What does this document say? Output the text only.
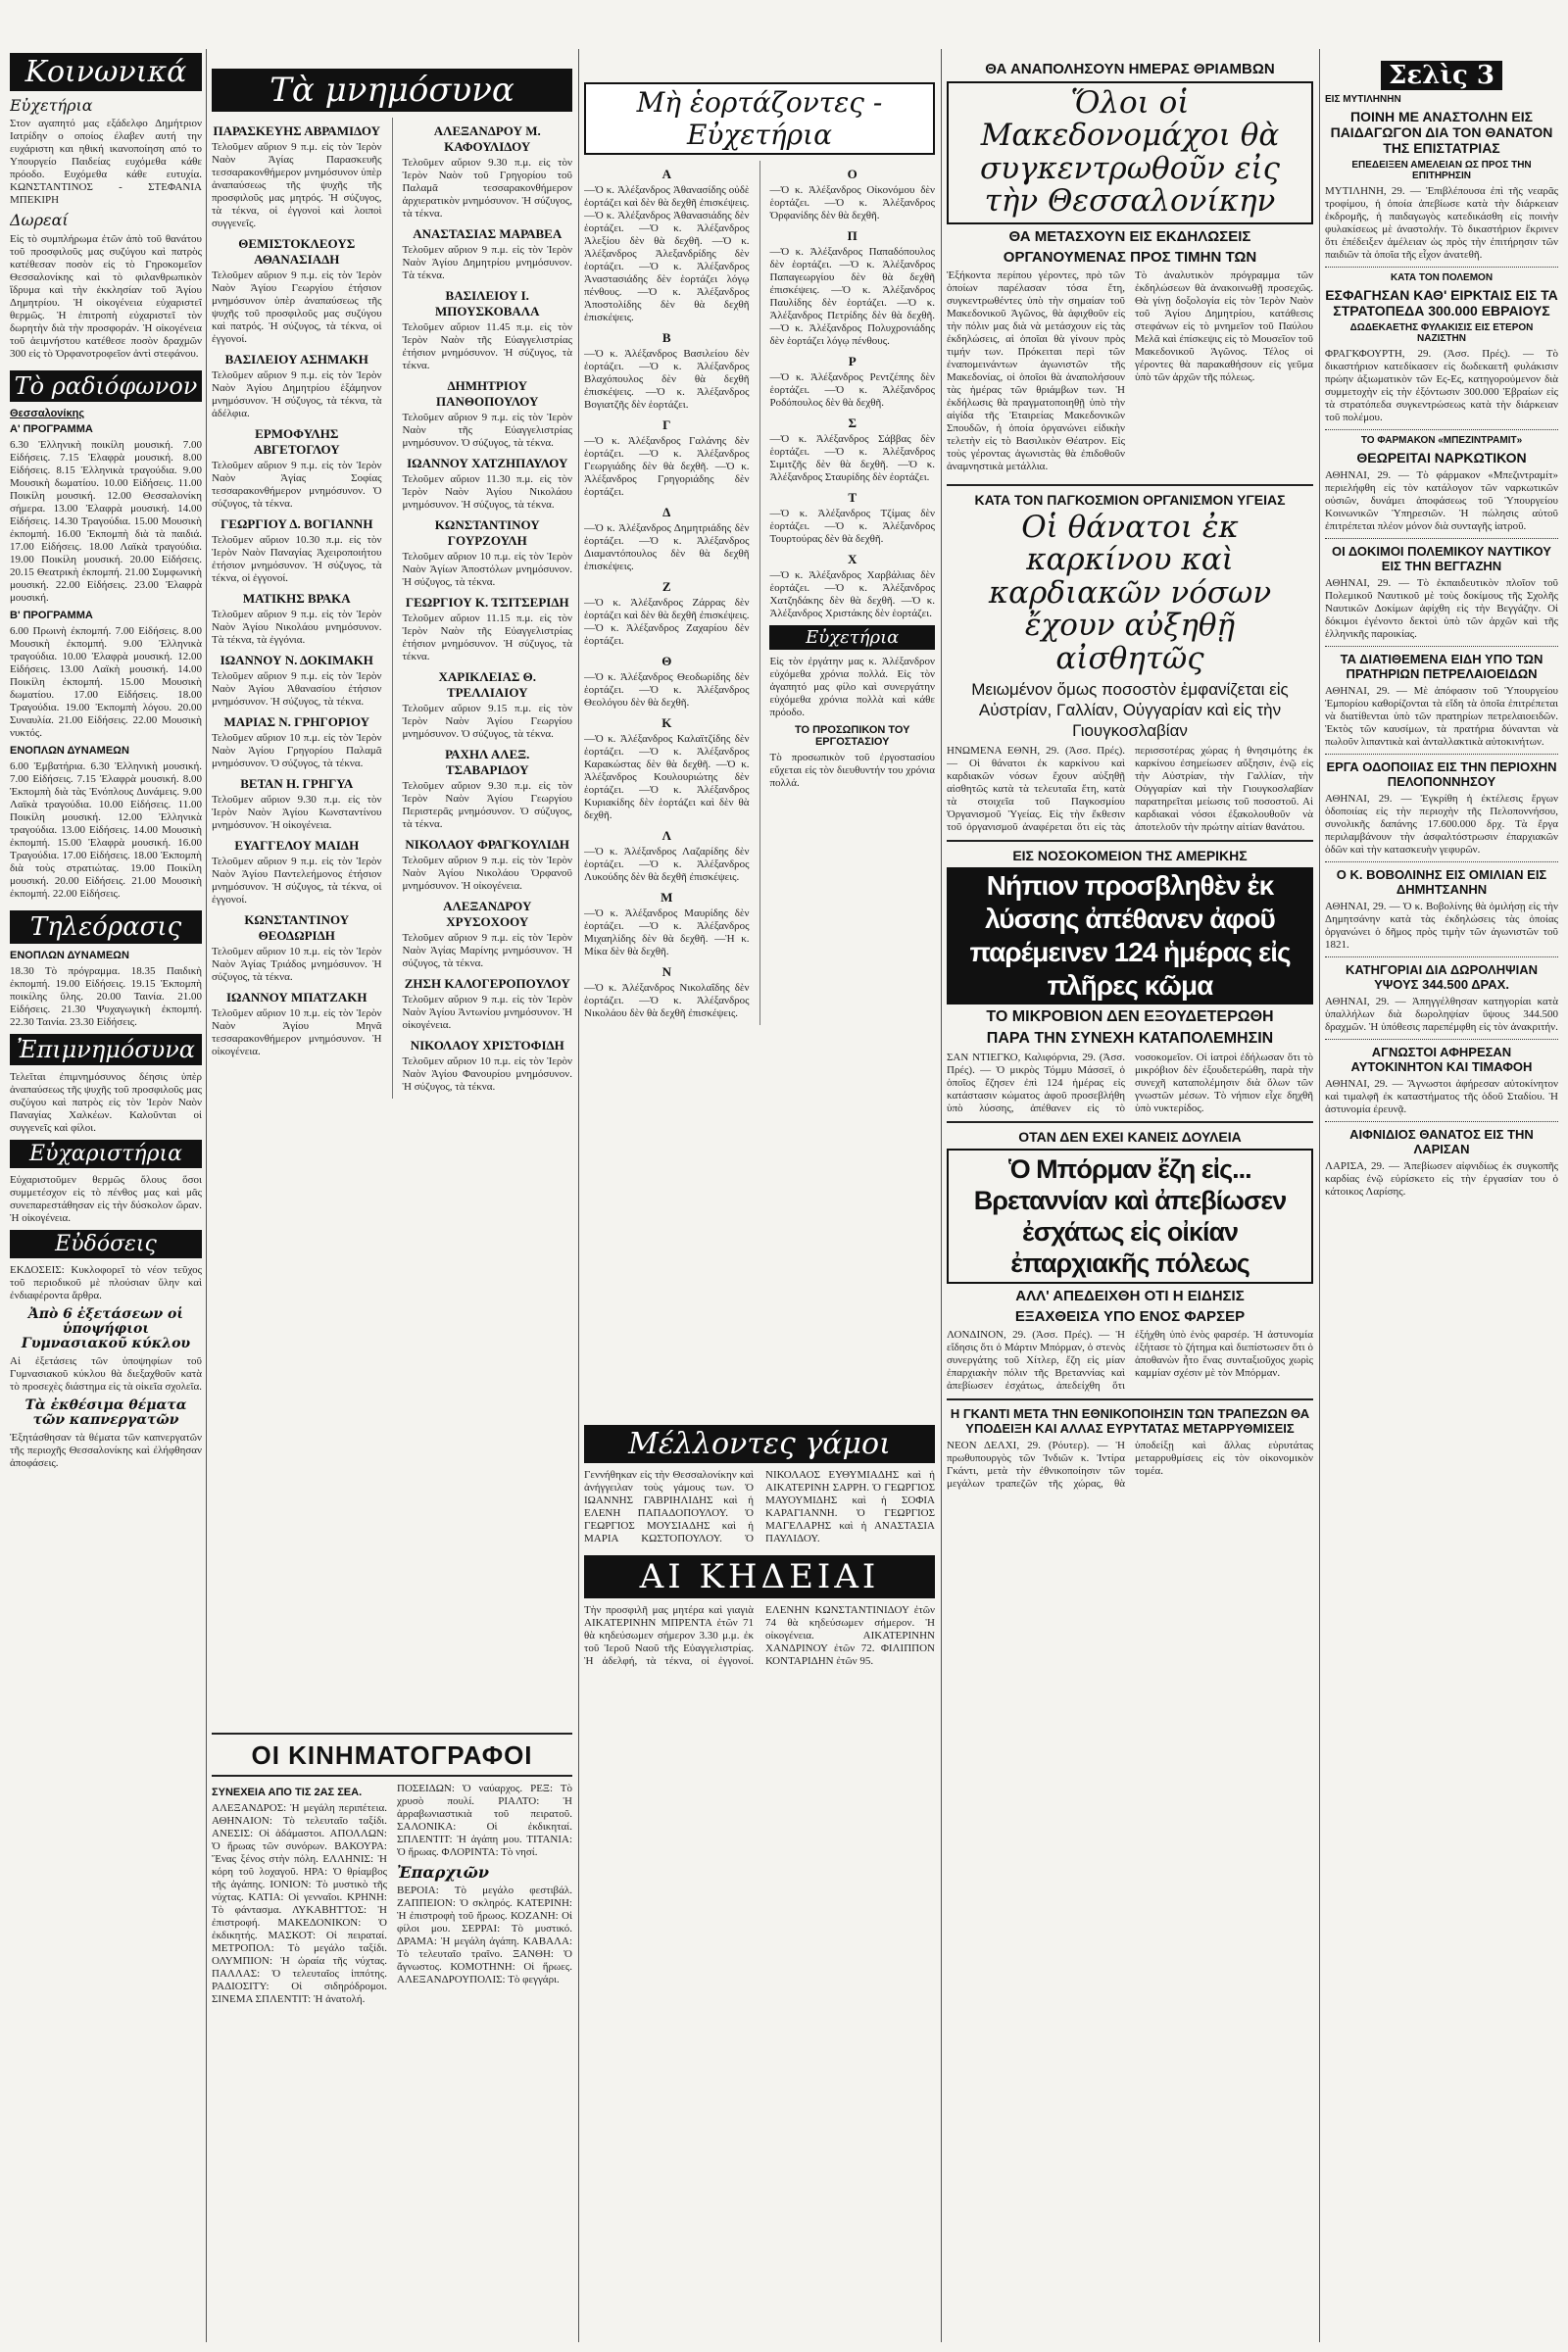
Κοινωνικά
Εὐχετήρια

Στον αγαπητό μας εξάδελφο Δημήτριον Ιατρίδην ο οποίος έλαβεν αυτή την ευχάριστη και ηθική ικανοποίηση από το Υπουργείο Παιδείας ευχόμεθα κάθε πρόοδο. Ευχόμεθα κάθε ευτυχία. ΚΩΝΣΤΑΝΤΙΝΟΣ - ΣΤΕΦΑΝΙΑ ΜΠΕΚΙΡΗ

Δωρεαί

Εἰς τὸ συμπλήρωμα ἐτῶν ἀπὸ τοῦ θανάτου τοῦ προσφιλοῦς μας συζύγου καὶ πατρὸς κατέθεσαν ποσὸν εἰς τὸ Γηροκομεῖον Θεσσαλονίκης καὶ τὸ φιλανθρωπικὸν ἵδρυμα καὶ τὴν ἐκκλησίαν τοῦ Ἁγίου Δημητρίου. Ἡ οἰκογένεια εὐχαριστεῖ θερμῶς. Ἡ ἐπιτροπὴ εὐχαριστεῖ τὸν δωρητὴν διὰ τὴν προσφοράν. Ἡ οἰκογένεια τοῦ ἀειμνήστου κατέθεσε ποσὸν δραχμῶν 300 εἰς τὸ Ὀρφανοτροφεῖον ἀντὶ στεφάνου.

Τὸ ραδιόφωνον
Θεσσαλονίκης
Α' ΠΡΟΓΡΑΜΜΑ

6.30 Ἑλληνικὴ ποικίλη μουσική. 7.00 Εἰδήσεις. 7.15 Ἐλαφρὰ μουσική. 8.00 Εἰδήσεις. 8.15 Ἑλληνικὰ τραγούδια. 9.00 Μουσικὴ δωματίου. 10.00 Εἰδήσεις. 11.00 Ποικίλη μουσική. 12.00 Θεσσαλονίκη σήμερα. 13.00 Ἐλαφρὰ μουσική. 14.00 Εἰδήσεις. 14.30 Τραγούδια. 15.00 Μουσικὴ ἐκπομπή. 16.00 Ἐκπομπὴ διὰ τὰ παιδιά. 17.00 Εἰδήσεις. 18.00 Λαϊκὰ τραγούδια. 19.00 Ποικίλη μουσική. 20.00 Εἰδήσεις. 20.15 Θεατρικὴ ἐκπομπή. 21.00 Συμφωνικὴ μουσική. 22.00 Εἰδήσεις. 23.00 Ἐλαφρὰ μουσική.

Β' ΠΡΟΓΡΑΜΜΑ

6.00 Πρωινὴ ἐκπομπή. 7.00 Εἰδήσεις. 8.00 Μουσικὴ ἐκπομπή. 9.00 Ἑλληνικὰ τραγούδια. 10.00 Ἐλαφρὰ μουσική. 12.00 Εἰδήσεις. 13.00 Λαϊκὴ μουσική. 14.00 Ποικίλη ἐκπομπή. 15.00 Μουσικὴ δωματίου. 17.00 Εἰδήσεις. 18.00 Τραγούδια. 19.00 Ἐκπομπὴ λόγου. 20.00 Συναυλία. 21.00 Εἰδήσεις. 22.00 Μουσικὴ νυκτός.

ΕΝΟΠΛΩΝ ΔΥΝΑΜΕΩΝ

6.00 Ἐμβατήρια. 6.30 Ἑλληνικὴ μουσική. 7.00 Εἰδήσεις. 7.15 Ἐλαφρὰ μουσική. 8.00 Ἐκπομπὴ διὰ τὰς Ἐνόπλους Δυνάμεις. 9.00 Λαϊκὰ τραγούδια. 10.00 Εἰδήσεις. 11.00 Ποικίλη μουσική. 12.00 Ἑλληνικὰ τραγούδια. 13.00 Εἰδήσεις. 14.00 Μουσικὴ ἐκπομπή. 15.00 Ἐλαφρὰ μουσική. 16.00 Τραγούδια. 17.00 Εἰδήσεις. 18.00 Ἐκπομπὴ διὰ τοὺς στρατιώτας. 19.00 Ποικίλη μουσική. 20.00 Εἰδήσεις. 21.00 Μουσικὴ ἐκπομπή. 22.00 Εἰδήσεις.

Τηλεόρασις
ΕΝΟΠΛΩΝ ΔΥΝΑΜΕΩΝ

18.30 Τὸ πρόγραμμα. 18.35 Παιδικὴ ἐκπομπή. 19.00 Εἰδήσεις. 19.15 Ἐκπομπὴ ποικίλης ὕλης. 20.00 Ταινία. 21.00 Εἰδήσεις. 21.30 Ψυχαγωγικὴ ἐκπομπή. 22.30 Ταινία. 23.30 Εἰδήσεις.

Ἐπιμνημόσυνα

Τελεῖται ἐπιμνημόσυνος δέησις ὑπὲρ ἀναπαύσεως τῆς ψυχῆς τοῦ προσφιλοῦς μας συζύγου καὶ πατρὸς εἰς τὸν Ἱερὸν Ναὸν Παναγίας Χαλκέων. Καλοῦνται οἱ συγγενεῖς καὶ φίλοι.

Εὐχαριστήρια

Εὐχαριστοῦμεν θερμῶς ὅλους ὅσοι συμμετέσχον εἰς τὸ πένθος μας καὶ μᾶς συνεπαρεστάθησαν εἰς τὴν δύσκολον ὥραν. Ἡ οἰκογένεια.

Εὐδόσεις

ΕΚΔΟΣΕΙΣ: Κυκλοφορεῖ τὸ νέον τεῦχος τοῦ περιοδικοῦ μὲ πλούσιαν ὕλην καὶ ἐνδιαφέροντα ἄρθρα.

Ἀπὸ 6 ἐξετάσεων οἱ ὑποψήφιοι Γυμνασιακοῦ κύκλου

Αἱ ἐξετάσεις τῶν ὑποψηφίων τοῦ Γυμνασιακοῦ κύκλου θὰ διεξαχθοῦν κατὰ τὸ προσεχὲς διάστημα εἰς τὰ οἰκεῖα σχολεῖα.

Τὰ ἐκθέσιμα θέματα τῶν καπνεργατῶν

Ἐξητάσθησαν τὰ θέματα τῶν καπνεργατῶν τῆς περιοχῆς Θεσσαλονίκης καὶ ἐλήφθησαν ἀποφάσεις.

Τὰ μνημόσυνα
ΠΑΡΑΣΚΕΥΗΣ ΑΒΡΑΜΙΔΟΥ

Τελοῦμεν αὔριον 9 π.μ. εἰς τὸν Ἱερὸν Ναὸν Ἁγίας Παρασκευῆς τεσσαρακονθήμερον μνημόσυνον ὑπὲρ ἀναπαύσεως τῆς ψυχῆς τῆς προσφιλοῦς μας μητρός. Ἡ σύζυγος, τὰ τέκνα, οἱ ἐγγονοὶ καὶ λοιποὶ συγγενεῖς.

ΘΕΜΙΣΤΟΚΛΕΟΥΣ ΑΘΑΝΑΣΙΑΔΗ

Τελοῦμεν αὔριον 9 π.μ. εἰς τὸν Ἱερὸν Ναὸν Ἁγίου Γεωργίου ἐτήσιον μνημόσυνον ὑπὲρ ἀναπαύσεως τῆς ψυχῆς τοῦ προσφιλοῦς μας συζύγου καὶ πατρός. Ἡ σύζυγος, τὰ τέκνα, οἱ ἐγγονοί.

ΒΑΣΙΛΕΙΟΥ ΑΣΗΜΑΚΗ

Τελοῦμεν αὔριον 9 π.μ. εἰς τὸν Ἱερὸν Ναὸν Ἁγίου Δημητρίου ἑξάμηνον μνημόσυνον. Ἡ σύζυγος, τὰ τέκνα, τὰ ἀδέλφια.

ΕΡΜΟΦΥΛΗΣ ΑΒΓΕΤΟΓΛΟΥ

Τελοῦμεν αὔριον 9 π.μ. εἰς τὸν Ἱερὸν Ναὸν Ἁγίας Σοφίας τεσσαρακονθήμερον μνημόσυνον. Ὁ σύζυγος, τὰ τέκνα.

ΓΕΩΡΓΙΟΥ Δ. ΒΟΓΙΑΝΝΗ

Τελοῦμεν αὔριον 10.30 π.μ. εἰς τὸν Ἱερὸν Ναὸν Παναγίας Ἀχειροποιήτου ἐτήσιον μνημόσυνον. Ἡ σύζυγος, τὰ τέκνα, οἱ ἐγγονοί.

ΜΑΤΙΚΗΣ ΒΡΑΚΑ

Τελοῦμεν αὔριον 9 π.μ. εἰς τὸν Ἱερὸν Ναὸν Ἁγίου Νικολάου μνημόσυνον. Τὰ τέκνα, τὰ ἐγγόνια.

ΙΩΑΝΝΟΥ Ν. ΔΟΚΙΜΑΚΗ

Τελοῦμεν αὔριον 9 π.μ. εἰς τὸν Ἱερὸν Ναὸν Ἁγίου Ἀθανασίου ἐτήσιον μνημόσυνον. Ἡ σύζυγος, τὰ τέκνα.

ΜΑΡΙΑΣ Ν. ΓΡΗΓΟΡΙΟΥ

Τελοῦμεν αὔριον 10 π.μ. εἰς τὸν Ἱερὸν Ναὸν Ἁγίου Γρηγορίου Παλαμᾶ μνημόσυνον. Ὁ σύζυγος, τὰ τέκνα.

ΒΕΤΑΝ Η. ΓΡΗΓΥΑ

Τελοῦμεν αὔριον 9.30 π.μ. εἰς τὸν Ἱερὸν Ναὸν Ἁγίου Κωνσταντίνου μνημόσυνον. Ἡ οἰκογένεια.

ΕΥΑΓΓΕΛΟΥ ΜΑΙΔΗ

Τελοῦμεν αὔριον 9 π.μ. εἰς τὸν Ἱερὸν Ναὸν Ἁγίου Παντελεήμονος ἐτήσιον μνημόσυνον. Ἡ σύζυγος, τὰ τέκνα, οἱ ἐγγονοί.

ΚΩΝΣΤΑΝΤΙΝΟΥ ΘΕΟΔΩΡΙΔΗ

Τελοῦμεν αὔριον 10 π.μ. εἰς τὸν Ἱερὸν Ναὸν Ἁγίας Τριάδος μνημόσυνον. Ἡ σύζυγος, τὰ τέκνα.

ΙΩΑΝΝΟΥ ΜΠΑΤΖΑΚΗ

Τελοῦμεν αὔριον 10 π.μ. εἰς τὸν Ἱερὸν Ναὸν Ἁγίου Μηνᾶ τεσσαρακονθήμερον μνημόσυνον. Ἡ οἰκογένεια.

ΑΛΕΞΑΝΔΡΟΥ Μ. ΚΑΦΟΥΛΙΔΟΥ

Τελοῦμεν αὔριον 9.30 π.μ. εἰς τὸν Ἱερὸν Ναὸν τοῦ Γρηγορίου τοῦ Παλαμᾶ τεσσαρακονθήμερον ἀρχιερατικὸν μνημόσυνον. Ἡ σύζυγος, τὰ τέκνα.

ΑΝΑΣΤΑΣΙΑΣ ΜΑΡΑΒΕΑ

Τελοῦμεν αὔριον 9 π.μ. εἰς τὸν Ἱερὸν Ναὸν Ἁγίου Δημητρίου μνημόσυνον. Τὰ τέκνα.

ΒΑΣΙΛΕΙΟΥ Ι. ΜΠΟΥΣΚΟΒΑΛΑ

Τελοῦμεν αὔριον 11.45 π.μ. εἰς τὸν Ἱερὸν Ναὸν τῆς Εὐαγγελιστρίας ἐτήσιον μνημόσυνον. Ἡ σύζυγος, τὰ τέκνα.

ΔΗΜΗΤΡΙΟΥ ΠΑΝΘΟΠΟΥΛΟΥ

Τελοῦμεν αὔριον 9 π.μ. εἰς τὸν Ἱερὸν Ναὸν τῆς Εὐαγγελιστρίας μνημόσυνον. Ὁ σύζυγος, τὰ τέκνα.

ΙΩΑΝΝΟΥ ΧΑΤΖΗΠΑΥΛΟΥ

Τελοῦμεν αὔριον 11.30 π.μ. εἰς τὸν Ἱερὸν Ναὸν Ἁγίου Νικολάου μνημόσυνον. Ἡ σύζυγος, τὰ τέκνα.

ΚΩΝΣΤΑΝΤΙΝΟΥ ΓΟΥΡΖΟΥΛΗ

Τελοῦμεν αὔριον 10 π.μ. εἰς τὸν Ἱερὸν Ναὸν Ἁγίων Ἀποστόλων μνημόσυνον. Ἡ σύζυγος, τὰ τέκνα.

ΓΕΩΡΓΙΟΥ Κ. ΤΣΙΤΣΕΡΙΔΗ

Τελοῦμεν αὔριον 11.15 π.μ. εἰς τὸν Ἱερὸν Ναὸν τῆς Εὐαγγελιστρίας ἐτήσιον μνημόσυνον. Ἡ σύζυγος, τὰ τέκνα.

ΧΑΡΙΚΛΕΙΑΣ Θ. ΤΡΕΛΛΙΑΙΟΥ

Τελοῦμεν αὔριον 9.15 π.μ. εἰς τὸν Ἱερὸν Ναὸν Ἁγίου Γεωργίου μνημόσυνον. Ὁ σύζυγος, τὰ τέκνα.

ΡΑΧΗΛ ΑΛΕΞ. ΤΣΑΒΑΡΙΔΟΥ

Τελοῦμεν αὔριον 9.30 π.μ. εἰς τὸν Ἱερὸν Ναὸν Ἁγίου Γεωργίου Περιστερᾶς μνημόσυνον. Ὁ σύζυγος, τὰ τέκνα.

ΝΙΚΟΛΑΟΥ ΦΡΑΓΚΟΥΛΙΔΗ

Τελοῦμεν αὔριον 9 π.μ. εἰς τὸν Ἱερὸν Ναὸν Ἁγίου Νικολάου Ὀρφανοῦ μνημόσυνον. Ἡ οἰκογένεια.

ΑΛΕΞΑΝΔΡΟΥ ΧΡΥΣΟΧΟΟΥ

Τελοῦμεν αὔριον 9 π.μ. εἰς τὸν Ἱερὸν Ναὸν Ἁγίας Μαρίνης μνημόσυνον. Ἡ σύζυγος, τὰ τέκνα.

ΖΗΣΗ ΚΑΛΟΓΕΡΟΠΟΥΛΟΥ

Τελοῦμεν αὔριον 9 π.μ. εἰς τὸν Ἱερὸν Ναὸν Ἁγίου Ἀντωνίου μνημόσυνον. Ἡ οἰκογένεια.

ΝΙΚΟΛΑΟΥ ΧΡΙΣΤΟΦΙΔΗ

Τελοῦμεν αὔριον 10 π.μ. εἰς τὸν Ἱερὸν Ναὸν Ἁγίου Φανουρίου μνημόσυνον. Ἡ σύζυγος, τὰ τέκνα.

ΟΙ ΚΙΝΗΜΑΤΟΓΡΑΦΟΙ
ΣΥΝΕΧΕΙΑ ΑΠΟ ΤΙΣ 2ΑΣ ΣΕΑ.

ΑΛΕΞΑΝΔΡΟΣ: Ἡ μεγάλη περιπέτεια. ΑΘΗΝΑΙΟΝ: Τὸ τελευταῖο ταξίδι. ΑΝΕΣΙΣ: Οἱ ἀδάμαστοι. ΑΠΟΛΛΩΝ: Ὁ ἥρωας τῶν συνόρων. ΒΑΚΟΥΡΑ: Ἕνας ξένος στὴν πόλη. ΕΛΛΗΝΙΣ: Ἡ κόρη τοῦ λοχαγοῦ. ΗΡΑ: Ὁ θρίαμβος τῆς ἀγάπης. ΙΟΝΙΟΝ: Τὸ μυστικὸ τῆς νύχτας. ΚΑΤΙΑ: Οἱ γενναῖοι. ΚΡΗΝΗ: Τὸ φάντασμα. ΛΥΚΑΒΗΤΤΟΣ: Ἡ ἐπιστροφή. ΜΑΚΕΔΟΝΙΚΟΝ: Ὁ ἐκδικητής. ΜΑΣΚΟΤ: Οἱ πειραταί. ΜΕΤΡΟΠΟΛ: Τὸ μεγάλο ταξίδι. ΟΛΥΜΠΙΟΝ: Ἡ ὡραία τῆς νύχτας. ΠΑΛΛΑΣ: Ὁ τελευταῖος ἱππότης. ΡΑΔΙΟΣΙΤΥ: Οἱ σιδηρόδρομοι. ΣΙΝΕΜΑ ΣΠΛΕΝΤΙΤ: Ἡ ἀνατολή.

ΠΟΣΕΙΔΩΝ: Ὁ ναύαρχος. ΡΕΞ: Τὸ χρυσὸ πουλί. ΡΙΑΛΤΟ: Ἡ ἀρραβωνιαστικιὰ τοῦ πειρατοῦ. ΣΑΛΟΝΙΚΑ: Οἱ ἐκδικηταί. ΣΠΛΕΝΤΙΤ: Ἡ ἀγάπη μου. ΤΙΤΑΝΙΑ: Ὁ ἥρωας. ΦΛΟΡΙΝΤΑ: Τὸ νησί.

Ἐπαρχιῶν

ΒΕΡΟΙΑ: Τὸ μεγάλο φεστιβάλ. ΖΑΠΠΕΙΟΝ: Ὁ σκληρός. ΚΑΤΕΡΙΝΗ: Ἡ ἐπιστροφὴ τοῦ ἥρωος. ΚΟΖΑΝΗ: Οἱ φίλοι μου. ΣΕΡΡΑΙ: Τὸ μυστικό. ΔΡΑΜΑ: Ἡ μεγάλη ἀγάπη. ΚΑΒΑΛΑ: Τὸ τελευταῖο τραῖνο. ΞΑΝΘΗ: Ὁ ἄγνωστος. ΚΟΜΟΤΗΝΗ: Οἱ ἥρωες. ΑΛΕΞΑΝΔΡΟΥΠΟΛΙΣ: Τὸ φεγγάρι.

Μὴ ἑορτάζοντες - Εὐχετήρια
Α

—Ὁ κ. Ἀλέξανδρος Ἀθανασίδης οὐδὲ ἑορτάζει καὶ δὲν θὰ δεχθῆ ἐπισκέψεις. —Ὁ κ. Ἀλέξανδρος Ἀθανασιάδης δὲν ἑορτάζει. —Ὁ κ. Ἀλέξανδρος Ἀλεξίου δὲν θὰ δεχθῆ. —Ὁ κ. Ἀλέξανδρος Ἀλεξανδρίδης δὲν ἑορτάζει. —Ὁ κ. Ἀλέξανδρος Ἀναστασιάδης δὲν ἑορτάζει λόγῳ πένθους. —Ὁ κ. Ἀλέξανδρος Ἀποστολίδης δὲν θὰ δεχθῆ ἐπισκέψεις.

Β

—Ὁ κ. Ἀλέξανδρος Βασιλείου δὲν ἑορτάζει. —Ὁ κ. Ἀλέξανδρος Βλαχόπουλος δὲν θὰ δεχθῆ ἐπισκέψεις. —Ὁ κ. Ἀλέξανδρος Βογιατζῆς δὲν ἑορτάζει.

Γ

—Ὁ κ. Ἀλέξανδρος Γαλάνης δὲν ἑορτάζει. —Ὁ κ. Ἀλέξανδρος Γεωργιάδης δὲν θὰ δεχθῆ. —Ὁ κ. Ἀλέξανδρος Γρηγοριάδης δὲν ἑορτάζει.

Δ

—Ὁ κ. Ἀλέξανδρος Δημητριάδης δὲν ἑορτάζει. —Ὁ κ. Ἀλέξανδρος Διαμαντόπουλος δὲν θὰ δεχθῆ ἐπισκέψεις.

Ζ

—Ὁ κ. Ἀλέξανδρος Ζάρρας δὲν ἑορτάζει καὶ δὲν θὰ δεχθῆ ἐπισκέψεις. —Ὁ κ. Ἀλέξανδρος Ζαχαρίου δὲν ἑορτάζει.

Θ

—Ὁ κ. Ἀλέξανδρος Θεοδωρίδης δὲν ἑορτάζει. —Ὁ κ. Ἀλέξανδρος Θεολόγου δὲν θὰ δεχθῆ.

Κ

—Ὁ κ. Ἀλέξανδρος Καλαϊτζίδης δὲν ἑορτάζει. —Ὁ κ. Ἀλέξανδρος Καρακώστας δὲν θὰ δεχθῆ. —Ὁ κ. Ἀλέξανδρος Κουλουριώτης δὲν ἑορτάζει. —Ὁ κ. Ἀλέξανδρος Κυριακίδης δὲν ἑορτάζει καὶ δὲν θὰ δεχθῆ.

Λ

—Ὁ κ. Ἀλέξανδρος Λαζαρίδης δὲν ἑορτάζει. —Ὁ κ. Ἀλέξανδρος Λυκούδης δὲν θὰ δεχθῆ ἐπισκέψεις.

Μ

—Ὁ κ. Ἀλέξανδρος Μαυρίδης δὲν ἑορτάζει. —Ὁ κ. Ἀλέξανδρος Μιχαηλίδης δὲν θὰ δεχθῆ. —Ἡ κ. Μίκα δὲν θὰ δεχθῆ.

Ν

—Ὁ κ. Ἀλέξανδρος Νικολαΐδης δὲν ἑορτάζει. —Ὁ κ. Ἀλέξανδρος Νικολάου δὲν θὰ δεχθῆ ἐπισκέψεις.

Ο

—Ὁ κ. Ἀλέξανδρος Οἰκονόμου δὲν ἑορτάζει. —Ὁ κ. Ἀλέξανδρος Ὀρφανίδης δὲν θὰ δεχθῆ.

Π

—Ὁ κ. Ἀλέξανδρος Παπαδόπουλος δὲν ἑορτάζει. —Ὁ κ. Ἀλέξανδρος Παπαγεωργίου δὲν θὰ δεχθῆ ἐπισκέψεις. —Ὁ κ. Ἀλέξανδρος Παυλίδης δὲν ἑορτάζει. —Ὁ κ. Ἀλέξανδρος Πετρίδης δὲν θὰ δεχθῆ. —Ὁ κ. Ἀλέξανδρος Πολυχρονιάδης δὲν ἑορτάζει λόγῳ πένθους.

Ρ

—Ὁ κ. Ἀλέξανδρος Ρεντζέπης δὲν ἑορτάζει. —Ὁ κ. Ἀλέξανδρος Ροδόπουλος δὲν θὰ δεχθῆ.

Σ

—Ὁ κ. Ἀλέξανδρος Σάββας δὲν ἑορτάζει. —Ὁ κ. Ἀλέξανδρος Σιμιτζῆς δὲν θὰ δεχθῆ. —Ὁ κ. Ἀλέξανδρος Σταυρίδης δὲν ἑορτάζει.

Τ

—Ὁ κ. Ἀλέξανδρος Τζίμας δὲν ἑορτάζει. —Ὁ κ. Ἀλέξανδρος Τουρτούρας δὲν θὰ δεχθῆ.

Χ

—Ὁ κ. Ἀλέξανδρος Χαρβάλιας δὲν ἑορτάζει. —Ὁ κ. Ἀλέξανδρος Χατζηδάκης δὲν θὰ δεχθῆ. —Ὁ κ. Ἀλέξανδρος Χριστάκης δὲν ἑορτάζει.

Εὐχετήρια

Εἰς τὸν ἐργάτην μας κ. Ἀλέξανδρον εὐχόμεθα χρόνια πολλά. Εἰς τὸν ἀγαπητό μας φίλο καὶ συνεργάτην εὐχόμεθα χρόνια πολλὰ καὶ κάθε πρόοδο.

ΤΟ ΠΡΟΣΩΠΙΚΟΝ ΤΟΥ ΕΡΓΟΣΤΑΣΙΟΥ

Τὸ προσωπικὸν τοῦ ἐργοστασίου εὔχεται εἰς τὸν διευθυντήν του χρόνια πολλά.

Μέλλοντες γάμοι

Γεννήθηκαν εἰς τὴν Θεσσαλονίκην καὶ ἀνήγγειλαν τοὺς γάμους των. Ὁ ΙΩΑΝΝΗΣ ΓΑΒΡΙΗΛΙΔΗΣ καὶ ἡ ΕΛΕΝΗ ΠΑΠΑΔΟΠΟΥΛΟΥ. Ὁ ΓΕΩΡΓΙΟΣ ΜΟΥΣΙΑΔΗΣ καὶ ἡ ΜΑΡΙΑ ΚΩΣΤΟΠΟΥΛΟΥ. Ὁ ΝΙΚΟΛΑΟΣ ΕΥΘΥΜΙΑΔΗΣ καὶ ἡ ΑΙΚΑΤΕΡΙΝΗ ΣΑΡΡΗ. Ὁ ΓΕΩΡΓΙΟΣ ΜΑΥΟΥΜΙΔΗΣ καὶ ἡ ΣΟΦΙΑ ΚΑΡΑΓΙΑΝΝΗ. Ὁ ΓΕΩΡΓΙΟΣ ΜΑΓΕΛΑΡΗΣ καὶ ἡ ΑΝΑΣΤΑΣΙΑ ΠΑΥΛΙΔΟΥ.

ΑΙ ΚΗΔΕΙΑΙ

Τὴν προσφιλῆ μας μητέρα καὶ γιαγιὰ ΑΙΚΑΤΕΡΙΝΗΝ ΜΠΡΕΝΤΑ ἐτῶν 71 θὰ κηδεύσωμεν σήμερον 3.30 μ.μ. ἐκ τοῦ Ἱεροῦ Ναοῦ τῆς Εὐαγγελιστρίας. Ἡ ἀδελφή, τὰ τέκνα, οἱ ἐγγονοί. ΕΛΕΝΗΝ ΚΩΝΣΤΑΝΤΙΝΙΔΟΥ ἐτῶν 74 θὰ κηδεύσωμεν σήμερον. Ἡ οἰκογένεια. ΑΙΚΑΤΕΡΙΝΗΝ ΧΑΝΔΡΙΝΟΥ ἐτῶν 72. ΦΙΛΙΠΠΟΝ ΚΟΝΤΑΡΙΔΗΝ ἐτῶν 95.

ΘΑ ΑΝΑΠΟΛΗΣΟΥΝ ΗΜΕΡΑΣ ΘΡΙΑΜΒΩΝ
Ὅλοι οἱ Μακεδονομάχοι θὰ συγκεντρωθοῦν εἰς τὴν Θεσσαλονίκην
ΘΑ ΜΕΤΑΣΧΟΥΝ ΕΙΣ ΕΚΔΗΛΩΣΕΙΣ
ΟΡΓΑΝΟΥΜΕΝΑΣ ΠΡΟΣ ΤΙΜΗΝ ΤΩΝ

Ἑξήκοντα περίπου γέροντες, πρὸ τῶν ὁποίων παρέλασαν τόσα ἔτη, συγκεντρωθέντες ὑπὸ τὴν σημαίαν τοῦ Μακεδονικοῦ Ἀγῶνος, θὰ ἀφιχθοῦν εἰς τὴν πόλιν μας διὰ νὰ μετάσχουν εἰς τὰς ἐκδηλώσεις, αἱ ὁποῖαι θὰ γίνουν πρὸς τιμήν των. Πρόκειται περὶ τῶν ἐναπομεινάντων ἀγωνιστῶν τῆς Μακεδονίας, οἱ ὁποῖοι θὰ ἀναπολήσουν τὰς ἡμέρας τῶν θριάμβων των. Ἡ ἐκδήλωσις θὰ πραγματοποιηθῇ ὑπὸ τὴν αἰγίδα τῆς Ἑταιρείας Μακεδονικῶν Σπουδῶν, ἡ ὁποία ὀργανώνει εἰδικὴν τελετὴν εἰς τὸ Βασιλικὸν Θέατρον. Εἰς τοὺς γέροντας ἀγωνιστὰς θὰ ἐπιδοθοῦν ἀναμνηστικὰ μετάλλια.

Τὸ ἀναλυτικὸν πρόγραμμα τῶν ἐκδηλώσεων θὰ ἀνακοινωθῇ προσεχῶς. Θὰ γίνῃ δοξολογία εἰς τὸν Ἱερὸν Ναὸν τοῦ Ἁγίου Δημητρίου, κατάθεσις στεφάνων εἰς τὸ μνημεῖον τοῦ Παύλου Μελᾶ καὶ ἐπίσκεψις εἰς τὸ Μουσεῖον τοῦ Μακεδονικοῦ Ἀγῶνος. Τέλος οἱ γέροντες θὰ παρακαθήσουν εἰς γεῦμα ὑπὸ τῶν ἀρχῶν τῆς πόλεως.

ΚΑΤΑ ΤΟΝ ΠΑΓΚΟΣΜΙΟΝ ΟΡΓΑΝΙΣΜΟΝ ΥΓΕΙΑΣ
Οἱ θάνατοι ἐκ καρκίνου καὶ καρδιακῶν νόσων ἔχουν αὐξηθῇ αἰσθητῶς
Μειωμένον ὅμως ποσοστὸν ἐμφανίζεται εἰς Αὐστρίαν, Γαλλίαν, Οὐγγαρίαν καὶ εἰς τὴν Γιουγκοσλαβίαν

ΗΝΩΜΕΝΑ ΕΘΝΗ, 29. (Ἀσσ. Πρές). — Οἱ θάνατοι ἐκ καρκίνου καὶ καρδιακῶν νόσων ἔχουν αὐξηθῇ αἰσθητῶς κατὰ τὰ τελευταῖα ἔτη, κατὰ τὰ στοιχεῖα τοῦ Παγκοσμίου Ὀργανισμοῦ Ὑγείας. Εἰς τὴν ἔκθεσιν τοῦ ὀργανισμοῦ ἀναφέρεται ὅτι εἰς τὰς περισσοτέρας χώρας ἡ θνησιμότης ἐκ καρκίνου ἐσημείωσεν αὔξησιν, ἐνῷ εἰς τὴν Αὐστρίαν, τὴν Γαλλίαν, τὴν Οὐγγαρίαν καὶ τὴν Γιουγκοσλαβίαν παρατηρεῖται μείωσις τοῦ ποσοστοῦ. Αἱ καρδιακαὶ νόσοι ἐξακολουθοῦν νὰ ἀποτελοῦν τὴν πρώτην αἰτίαν θανάτου.

ΕΙΣ ΝΟΣΟΚΟΜΕΙΟΝ ΤΗΣ ΑΜΕΡΙΚΗΣ
Νήπιον προσβληθὲν ἐκ λύσσης ἀπέθανεν ἀφοῦ παρέμεινεν 124 ἡμέρας εἰς πλῆρες κῶμα
ΤΟ ΜΙΚΡΟΒΙΟΝ ΔΕΝ ΕΞΟΥΔΕΤΕΡΩΘΗ
ΠΑΡΑ ΤΗΝ ΣΥΝΕΧΗ ΚΑΤΑΠΟΛΕΜΗΣΙΝ

ΣΑΝ ΝΤΙΕΓΚΟ, Καλιφόρνια, 29. (Ἀσσ. Πρές). — Ὁ μικρὸς Τόμμυ Μάσσεϊ, ὁ ὁποῖος ἔζησεν ἐπὶ 124 ἡμέρας εἰς κατάστασιν κώματος ἀφοῦ προσεβλήθη ὑπὸ λύσσης, ἀπέθανεν εἰς τὸ νοσοκομεῖον. Οἱ ἰατροὶ ἐδήλωσαν ὅτι τὸ μικρόβιον δὲν ἐξουδετερώθη, παρὰ τὴν συνεχῆ καταπολέμησιν διὰ ὅλων τῶν γνωστῶν μέσων. Τὸ νήπιον εἶχε δηχθῆ ὑπὸ νυκτερίδος.

ΟΤΑΝ ΔΕΝ ΕΧΕΙ ΚΑΝΕΙΣ ΔΟΥΛΕΙΑ
Ὁ Μπόρμαν ἔζη εἰς... Βρεταννίαν καὶ ἀπεβίωσεν ἐσχάτως εἰς οἰκίαν ἐπαρχιακῆς πόλεως
ΑΛΛ' ΑΠΕΔΕΙΧΘΗ ΟΤΙ Η ΕΙΔΗΣΙΣ
ΕΞΑΧΘΕΙΣΑ ΥΠΟ ΕΝΟΣ ΦΑΡΣΕΡ

ΛΟΝΔΙΝΟΝ, 29. (Ἀσσ. Πρές). — Ἡ εἴδησις ὅτι ὁ Μάρτιν Μπόρμαν, ὁ στενὸς συνεργάτης τοῦ Χίτλερ, ἔζη εἰς μίαν ἐπαρχιακὴν πόλιν τῆς Βρεταννίας καὶ ἀπεβίωσεν ἐσχάτως, ἀπεδείχθη ὅτι ἐξήχθη ὑπὸ ἑνὸς φαρσέρ. Ἡ ἀστυνομία ἐξήτασε τὸ ζήτημα καὶ διεπίστωσεν ὅτι ὁ ἀποθανὼν ἦτο ἕνας συνταξιοῦχος χωρὶς καμμίαν σχέσιν μὲ τὸν Μπόρμαν.

Η ΓΚΑΝΤΙ ΜΕΤΑ ΤΗΝ ΕΘΝΙΚΟΠΟΙΗΣΙΝ ΤΩΝ ΤΡΑΠΕΖΩΝ ΘΑ ΥΠΟΔΕΙΞΗ ΚΑΙ ΑΛΛΑΣ ΕΥΡΥΤΑΤΑΣ ΜΕΤΑΡΡΥΘΜΙΣΕΙΣ

ΝΕΟΝ ΔΕΛΧΙ, 29. (Ρόυτερ). — Ἡ πρωθυπουργὸς τῶν Ἰνδιῶν κ. Ἰντίρα Γκάντι, μετὰ τὴν ἐθνικοποίησιν τῶν μεγάλων τραπεζῶν τῆς χώρας, θὰ ὑποδείξῃ καὶ ἄλλας εὐρυτάτας μεταρρυθμίσεις εἰς τὸν οἰκονομικὸν τομέα.

Σελὶς 3
ΕΙΣ ΜΥΤΙΛΗΝΗΝ
ΠΟΙΝΗ ΜΕ ΑΝΑΣΤΟΛΗΝ ΕΙΣ ΠΑΙΔΑΓΩΓΟΝ ΔΙΑ ΤΟΝ ΘΑΝΑΤΟΝ ΤΗΣ ΕΠΙΣΤΑΤΡΙΑΣ
ΕΠΕΔΕΙΞΕΝ ΑΜΕΛΕΙΑΝ ΩΣ ΠΡΟΣ ΤΗΝ ΕΠΙΤΗΡΗΣΙΝ

ΜΥΤΙΛΗΝΗ, 29. — Ἐπιβλέπουσα ἐπὶ τῆς νεαρᾶς τροφίμου, ἡ ὁποία ἀπεβίωσε κατὰ τὴν διάρκειαν ἐκδρομῆς, ἡ παιδαγωγὸς κατεδικάσθη εἰς ποινὴν φυλακίσεως μὲ ἀναστολήν. Τὸ δικαστήριον ἔκρινεν ὅτι ἐπέδειξεν ἀμέλειαν ὡς πρὸς τὴν ἐπιτήρησιν τῶν παιδιῶν τὰ ὁποῖα τῆς εἶχον ἀνατεθῆ.

ΚΑΤΑ ΤΟΝ ΠΟΛΕΜΟΝ
ΕΣΦΑΓΗΣΑΝ ΚΑΘ' ΕΙΡΚΤΑΙΣ ΕΙΣ ΤΑ ΣΤΡΑΤΟΠΕΔΑ 300.000 ΕΒΡΑΙΟΥΣ
ΔΩΔΕΚΑΕΤΗΣ ΦΥΛΑΚΙΣΙΣ ΕΙΣ ΕΤΕΡΟΝ ΝΑΖΙΣΤΗΝ

ΦΡΑΓΚΦΟΥΡΤΗ, 29. (Ἀσσ. Πρές). — Τὸ δικαστήριον κατεδίκασεν εἰς δωδεκαετῆ φυλάκισιν πρώην ἀξιωματικὸν τῶν Ες-Ες, κατηγορούμενον διὰ συμμετοχὴν εἰς τὴν ἐξόντωσιν 300.000 Ἑβραίων εἰς τὰ στρατόπεδα συγκεντρώσεως κατὰ τὴν διάρκειαν τοῦ πολέμου.

ΤΟ ΦΑΡΜΑΚΟΝ «ΜΠΕΖΙΝΤΡΑΜΙΤ»
ΘΕΩΡΕΙΤΑΙ ΝΑΡΚΩΤΙΚΟΝ

ΑΘΗΝΑΙ, 29. — Τὸ φάρμακον «Μπεζιντραμίτ» περιελήφθη εἰς τὸν κατάλογον τῶν ναρκωτικῶν οὐσιῶν, δυνάμει ἀποφάσεως τοῦ Ὑπουργείου Κοινωνικῶν Ὑπηρεσιῶν. Ἡ πώλησις αὐτοῦ ἐπιτρέπεται πλέον μόνον διὰ συνταγῆς ἰατροῦ.

ΟΙ ΔΟΚΙΜΟΙ ΠΟΛΕΜΙΚΟΥ ΝΑΥΤΙΚΟΥ ΕΙΣ ΤΗΝ ΒΕΓΓΑΖΗΝ

ΑΘΗΝΑΙ, 29. — Τὸ ἐκπαιδευτικὸν πλοῖον τοῦ Πολεμικοῦ Ναυτικοῦ μὲ τοὺς δοκίμους τῆς Σχολῆς Ναυτικῶν Δοκίμων ἀφίχθη εἰς τὴν Βεγγάζην. Οἱ δόκιμοι ἐγένοντο δεκτοὶ ὑπὸ τῶν ἀρχῶν καὶ τῆς ἑλληνικῆς παροικίας.

ΤΑ ΔΙΑΤΙΘΕΜΕΝΑ ΕΙΔΗ ΥΠΟ ΤΩΝ ΠΡΑΤΗΡΙΩΝ ΠΕΤΡΕΛΑΙΟΕΙΔΩΝ

ΑΘΗΝΑΙ, 29. — Μὲ ἀπόφασιν τοῦ Ὑπουργείου Ἐμπορίου καθορίζονται τὰ εἴδη τὰ ὁποῖα ἐπιτρέπεται νὰ διατίθενται ὑπὸ τῶν πρατηρίων πετρελαιοειδῶν. Ἐκτὸς τῶν καυσίμων, τὰ πρατήρια δύνανται νὰ πωλοῦν λιπαντικὰ καὶ ἀνταλλακτικὰ αὐτοκινήτων.

ΕΡΓΑ ΟΔΟΠΟΙΙΑΣ ΕΙΣ ΤΗΝ ΠΕΡΙΟΧΗΝ ΠΕΛΟΠΟΝΝΗΣΟΥ

ΑΘΗΝΑΙ, 29. — Ἐγκρίθη ἡ ἐκτέλεσις ἔργων ὁδοποιίας εἰς τὴν περιοχὴν τῆς Πελοποννήσου, συνολικῆς δαπάνης 17.600.000 δρχ. Τὰ ἔργα περιλαμβάνουν τὴν ἀσφαλτόστρωσιν ἐπαρχιακῶν ὁδῶν καὶ τὴν κατασκευὴν γεφυρῶν.

Ο Κ. ΒΟΒΟΛΙΝΗΣ ΕΙΣ ΟΜΙΛΙΑΝ ΕΙΣ ΔΗΜΗΤΣΑΝΗΝ

ΑΘΗΝΑΙ, 29. — Ὁ κ. Βοβολίνης θὰ ὁμιλήσῃ εἰς τὴν Δημητσάνην κατὰ τὰς ἐκδηλώσεις τὰς ὁποίας ὀργανώνει ὁ δῆμος πρὸς τιμὴν τῶν ἀγωνιστῶν τοῦ 1821.

ΚΑΤΗΓΟΡΙΑΙ ΔΙΑ ΔΩΡΟΛΗΨΙΑΝ ΥΨΟΥΣ 344.500 ΔΡΑΧ.

ΑΘΗΝΑΙ, 29. — Ἀπηγγέλθησαν κατηγορίαι κατὰ ὑπαλλήλων διὰ δωροληψίαν ὕψους 344.500 δραχμῶν. Ἡ ὑπόθεσις παρεπέμφθη εἰς τὸν ἀνακριτήν.

ΑΓΝΩΣΤΟΙ ΑΦΗΡΕΣΑΝ ΑΥΤΟΚΙΝΗΤΟΝ ΚΑΙ ΤΙΜΑΦΟΗ

ΑΘΗΝΑΙ, 29. — Ἄγνωστοι ἀφήρεσαν αὐτοκίνητον καὶ τιμαλφῆ ἐκ καταστήματος τῆς ὁδοῦ Σταδίου. Ἡ ἀστυνομία ἐρευνᾷ.

ΑΙΦΝΙΔΙΟΣ ΘΑΝΑΤΟΣ ΕΙΣ ΤΗΝ ΛΑΡΙΣΑΝ

ΛΑΡΙΣΑ, 29. — Ἀπεβίωσεν αἰφνιδίως ἐκ συγκοπῆς καρδίας ἐνῷ εὑρίσκετο εἰς τὴν ἐργασίαν του ὁ κάτοικος Λαρίσης.
